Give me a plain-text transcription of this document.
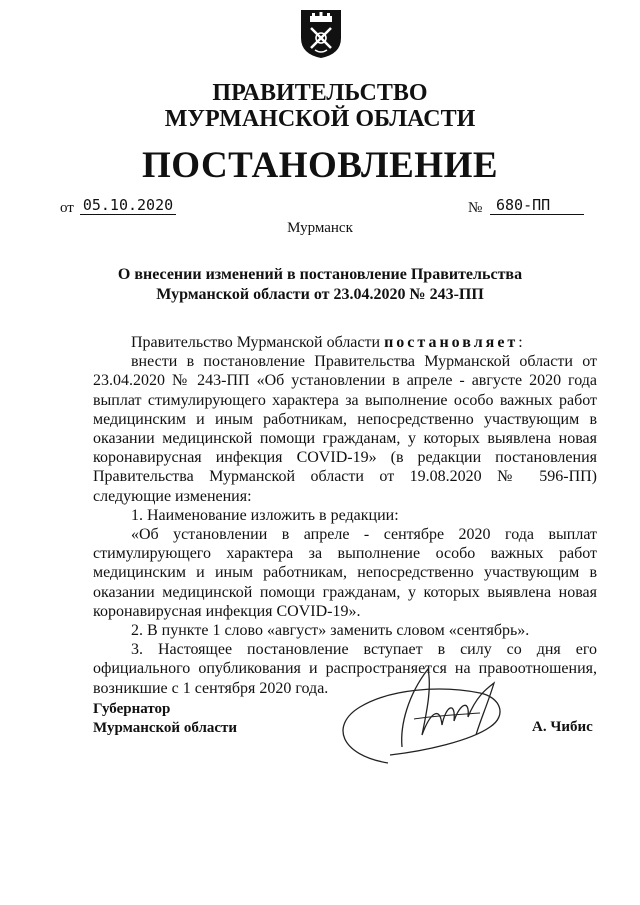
ПРАВИТЕЛЬСТВО
МУРМАНСКОЙ ОБЛАСТИ
ПОСТАНОВЛЕНИЕ
от 05.10.2020	№ 680-ПП
Мурманск
О внесении изменений в постановление Правительства
Мурманской области от 23.04.2020 № 243-ПП

Правительство Мурманской области постановляет:

внести в постановление Правительства Мурманской области от 23.04.2020 № 243-ПП «Об установлении в апреле - августе 2020 года выплат стимулирующего характера за выполнение особо важных работ медицинским и иным работникам, непосредственно участвующим в оказании медицинской помощи гражданам, у которых выявлена новая коронавирусная инфекция COVID-19» (в редакции постановления Правительства Мурманской области от 19.08.2020 № 596-ПП) следующие изменения:

1. Наименование изложить в редакции:

«Об установлении в апреле - сентябре 2020 года выплат стимулирующего характера за выполнение особо важных работ медицинским и иным работникам, непосредственно участвующим в оказании медицинской помощи гражданам, у которых выявлена новая коронавирусная инфекция COVID-19».

2. В пункте 1 слово «август» заменить словом «сентябрь».

3. Настоящее постановление вступает в силу со дня его официального опубликования и распространяется на правоотношения, возникшие с 1 сентября 2020 года.

Губернатор
Мурманской области	А. Чибис
